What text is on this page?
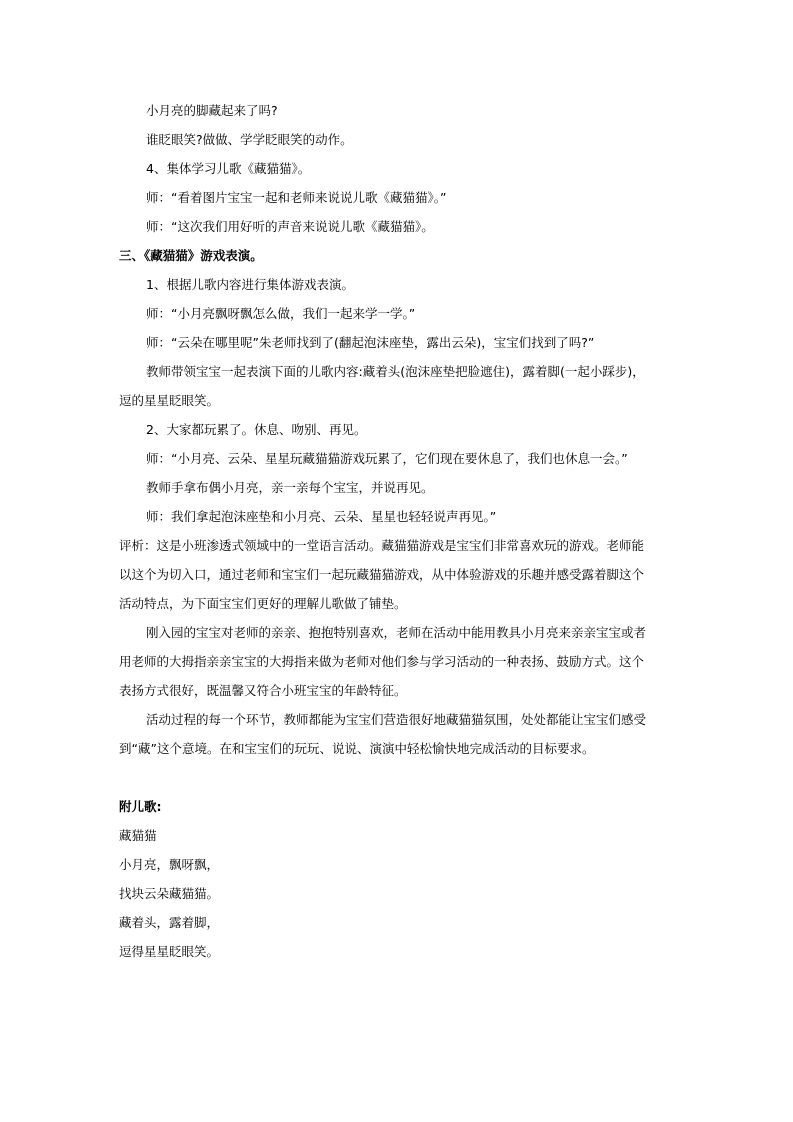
小月亮的脚藏起来了吗?
谁眨眼笑?做做、学学眨眼笑的动作。
4、集体学习儿歌《藏猫猫》。
师：“看着图片宝宝一起和老师来说说儿歌《藏猫猫》。”
师：“这次我们用好听的声音来说说儿歌《藏猫猫》。
三、《藏猫猫》游戏表演。
1、根据儿歌内容进行集体游戏表演。
师：“小月亮飘呀飘怎么做，我们一起来学一学。”
师：“云朵在哪里呢”朱老师找到了(翻起泡沫座垫，露出云朵)，宝宝们找到了吗?”
教师带领宝宝一起表演下面的儿歌内容:藏着头(泡沫座垫把脸遮住)，露着脚(一起小踩步)，
逗的星星眨眼笑。
2、大家都玩累了。休息、吻别、再见。
师：“小月亮、云朵、星星玩藏猫猫游戏玩累了，它们现在要休息了，我们也休息一会。”
教师手拿布偶小月亮，亲一亲每个宝宝，并说再见。
师：我们拿起泡沫座垫和小月亮、云朵、星星也轻轻说声再见。”
评析：这是小班渗透式领域中的一堂语言活动。藏猫猫游戏是宝宝们非常喜欢玩的游戏。老师能
以这个为切入口，通过老师和宝宝们一起玩藏猫猫游戏，从中体验游戏的乐趣并感受露着脚这个
活动特点，为下面宝宝们更好的理解儿歌做了铺垫。
刚入园的宝宝对老师的亲亲、抱抱特别喜欢，老师在活动中能用教具小月亮来亲亲宝宝或者
用老师的大拇指亲亲宝宝的大拇指来做为老师对他们参与学习活动的一种表扬、鼓励方式。这个
表扬方式很好，既温馨又符合小班宝宝的年龄特征。
活动过程的每一个环节，教师都能为宝宝们营造很好地藏猫猫氛围，处处都能让宝宝们感受
到“藏”这个意境。在和宝宝们的玩玩、说说、演演中轻松愉快地完成活动的目标要求。
附儿歌:
藏猫猫
小月亮，飘呀飘，
找块云朵藏猫猫。
藏着头，露着脚，
逗得星星眨眼笑。
